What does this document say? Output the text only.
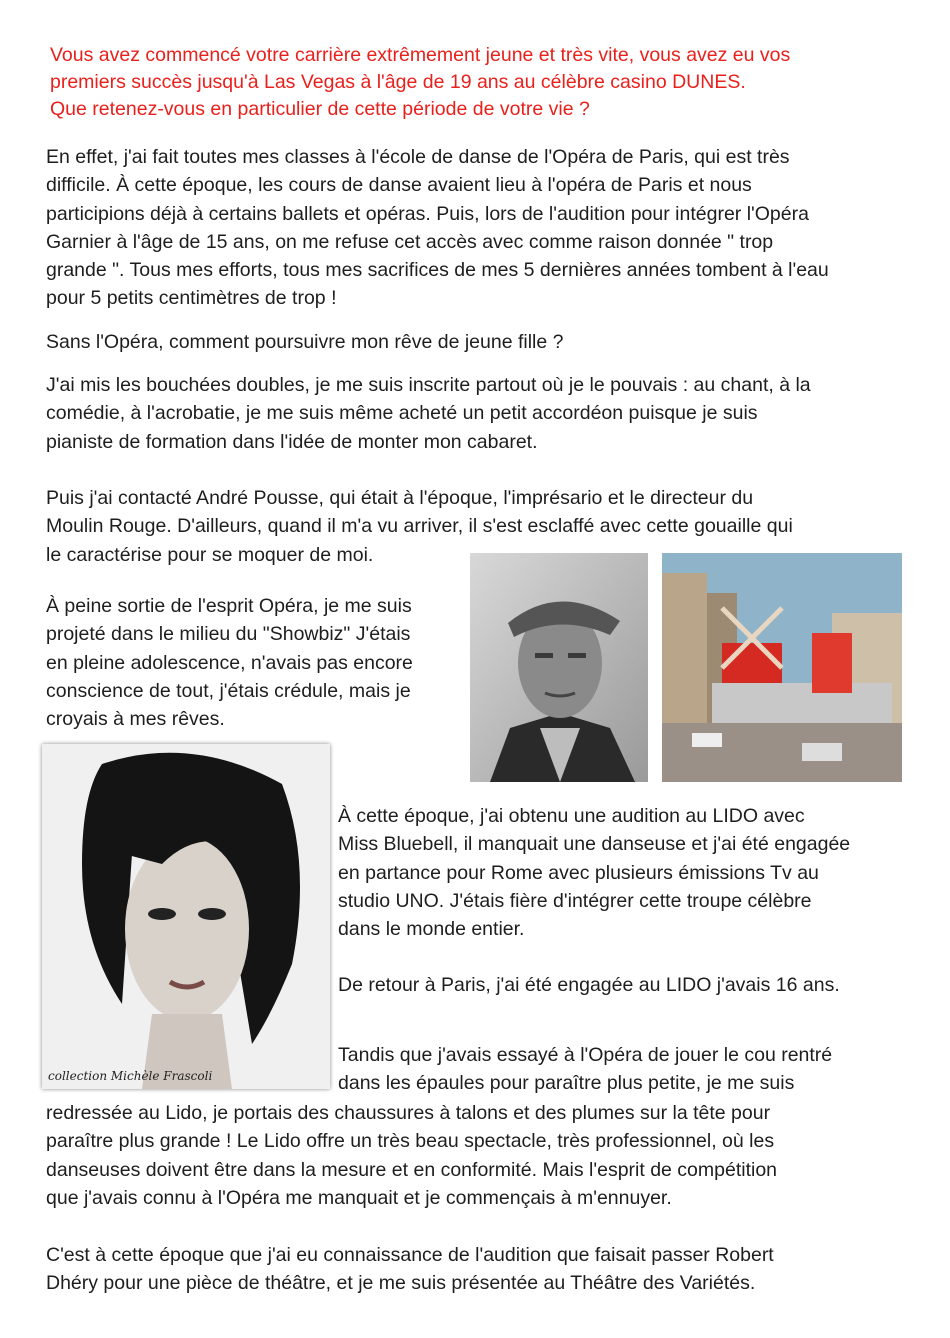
Vous avez commencé votre carrière extrêmement jeune et très vite, vous avez eu vos
premiers succès jusqu'à Las Vegas à l'âge de 19 ans au célèbre casino DUNES.
Que retenez-vous en particulier de cette période de votre vie ?
En effet, j'ai fait toutes mes classes à l'école de danse de l'Opéra de Paris, qui est très
difficile. À cette époque, les cours de danse avaient lieu à l'opéra de Paris et nous
participions déjà à certains ballets et opéras. Puis, lors de l'audition pour intégrer l'Opéra
Garnier à l'âge de 15 ans, on me refuse cet accès avec comme raison donnée " trop
grande ". Tous mes efforts, tous mes sacrifices de mes 5 dernières années tombent à l'eau
pour 5 petits centimètres de trop !
Sans l'Opéra, comment poursuivre mon rêve de jeune fille ?
J'ai mis les bouchées doubles, je me suis inscrite partout où je le pouvais : au chant, à la
comédie, à l'acrobatie, je me suis même acheté un petit accordéon puisque je suis
pianiste de formation dans l'idée de monter mon cabaret.
Puis j'ai contacté André Pousse, qui était à l'époque, l'imprésario et le directeur du
Moulin Rouge. D'ailleurs, quand il m'a vu arriver, il s'est esclaffé avec cette gouaille qui
le caractérise pour se moquer de moi.
À peine sortie de l'esprit Opéra, je me suis
projeté dans le milieu du "Showbiz" J'étais
en pleine adolescence, n'avais pas encore
conscience de tout, j'étais crédule, mais je
croyais à mes rêves.
À cette époque, j'ai obtenu une audition au LIDO avec
Miss Bluebell, il manquait une danseuse et j'ai été engagée
en partance pour Rome avec plusieurs émissions Tv au
studio UNO. J'étais fière d'intégrer cette troupe célèbre
dans le monde entier.
De retour à Paris, j'ai été engagée au LIDO j'avais 16 ans.
Tandis que j'avais essayé à l'Opéra de jouer le cou rentré
dans les épaules pour paraître plus petite, je me suis
redressée au Lido, je portais des chaussures à talons et des plumes sur la tête pour
paraître plus grande ! Le Lido offre un très beau spectacle, très professionnel, où les
danseuses doivent être dans la mesure et en conformité. Mais l'esprit de compétition
que j'avais connu à l'Opéra me manquait et je commençais à m'ennuyer.
C'est à cette époque que j'ai eu connaissance de l'audition que faisait passer Robert
Dhéry pour une pièce de théâtre, et je me suis présentée au Théâtre des Variétés.
collection Michèle Frascoli
